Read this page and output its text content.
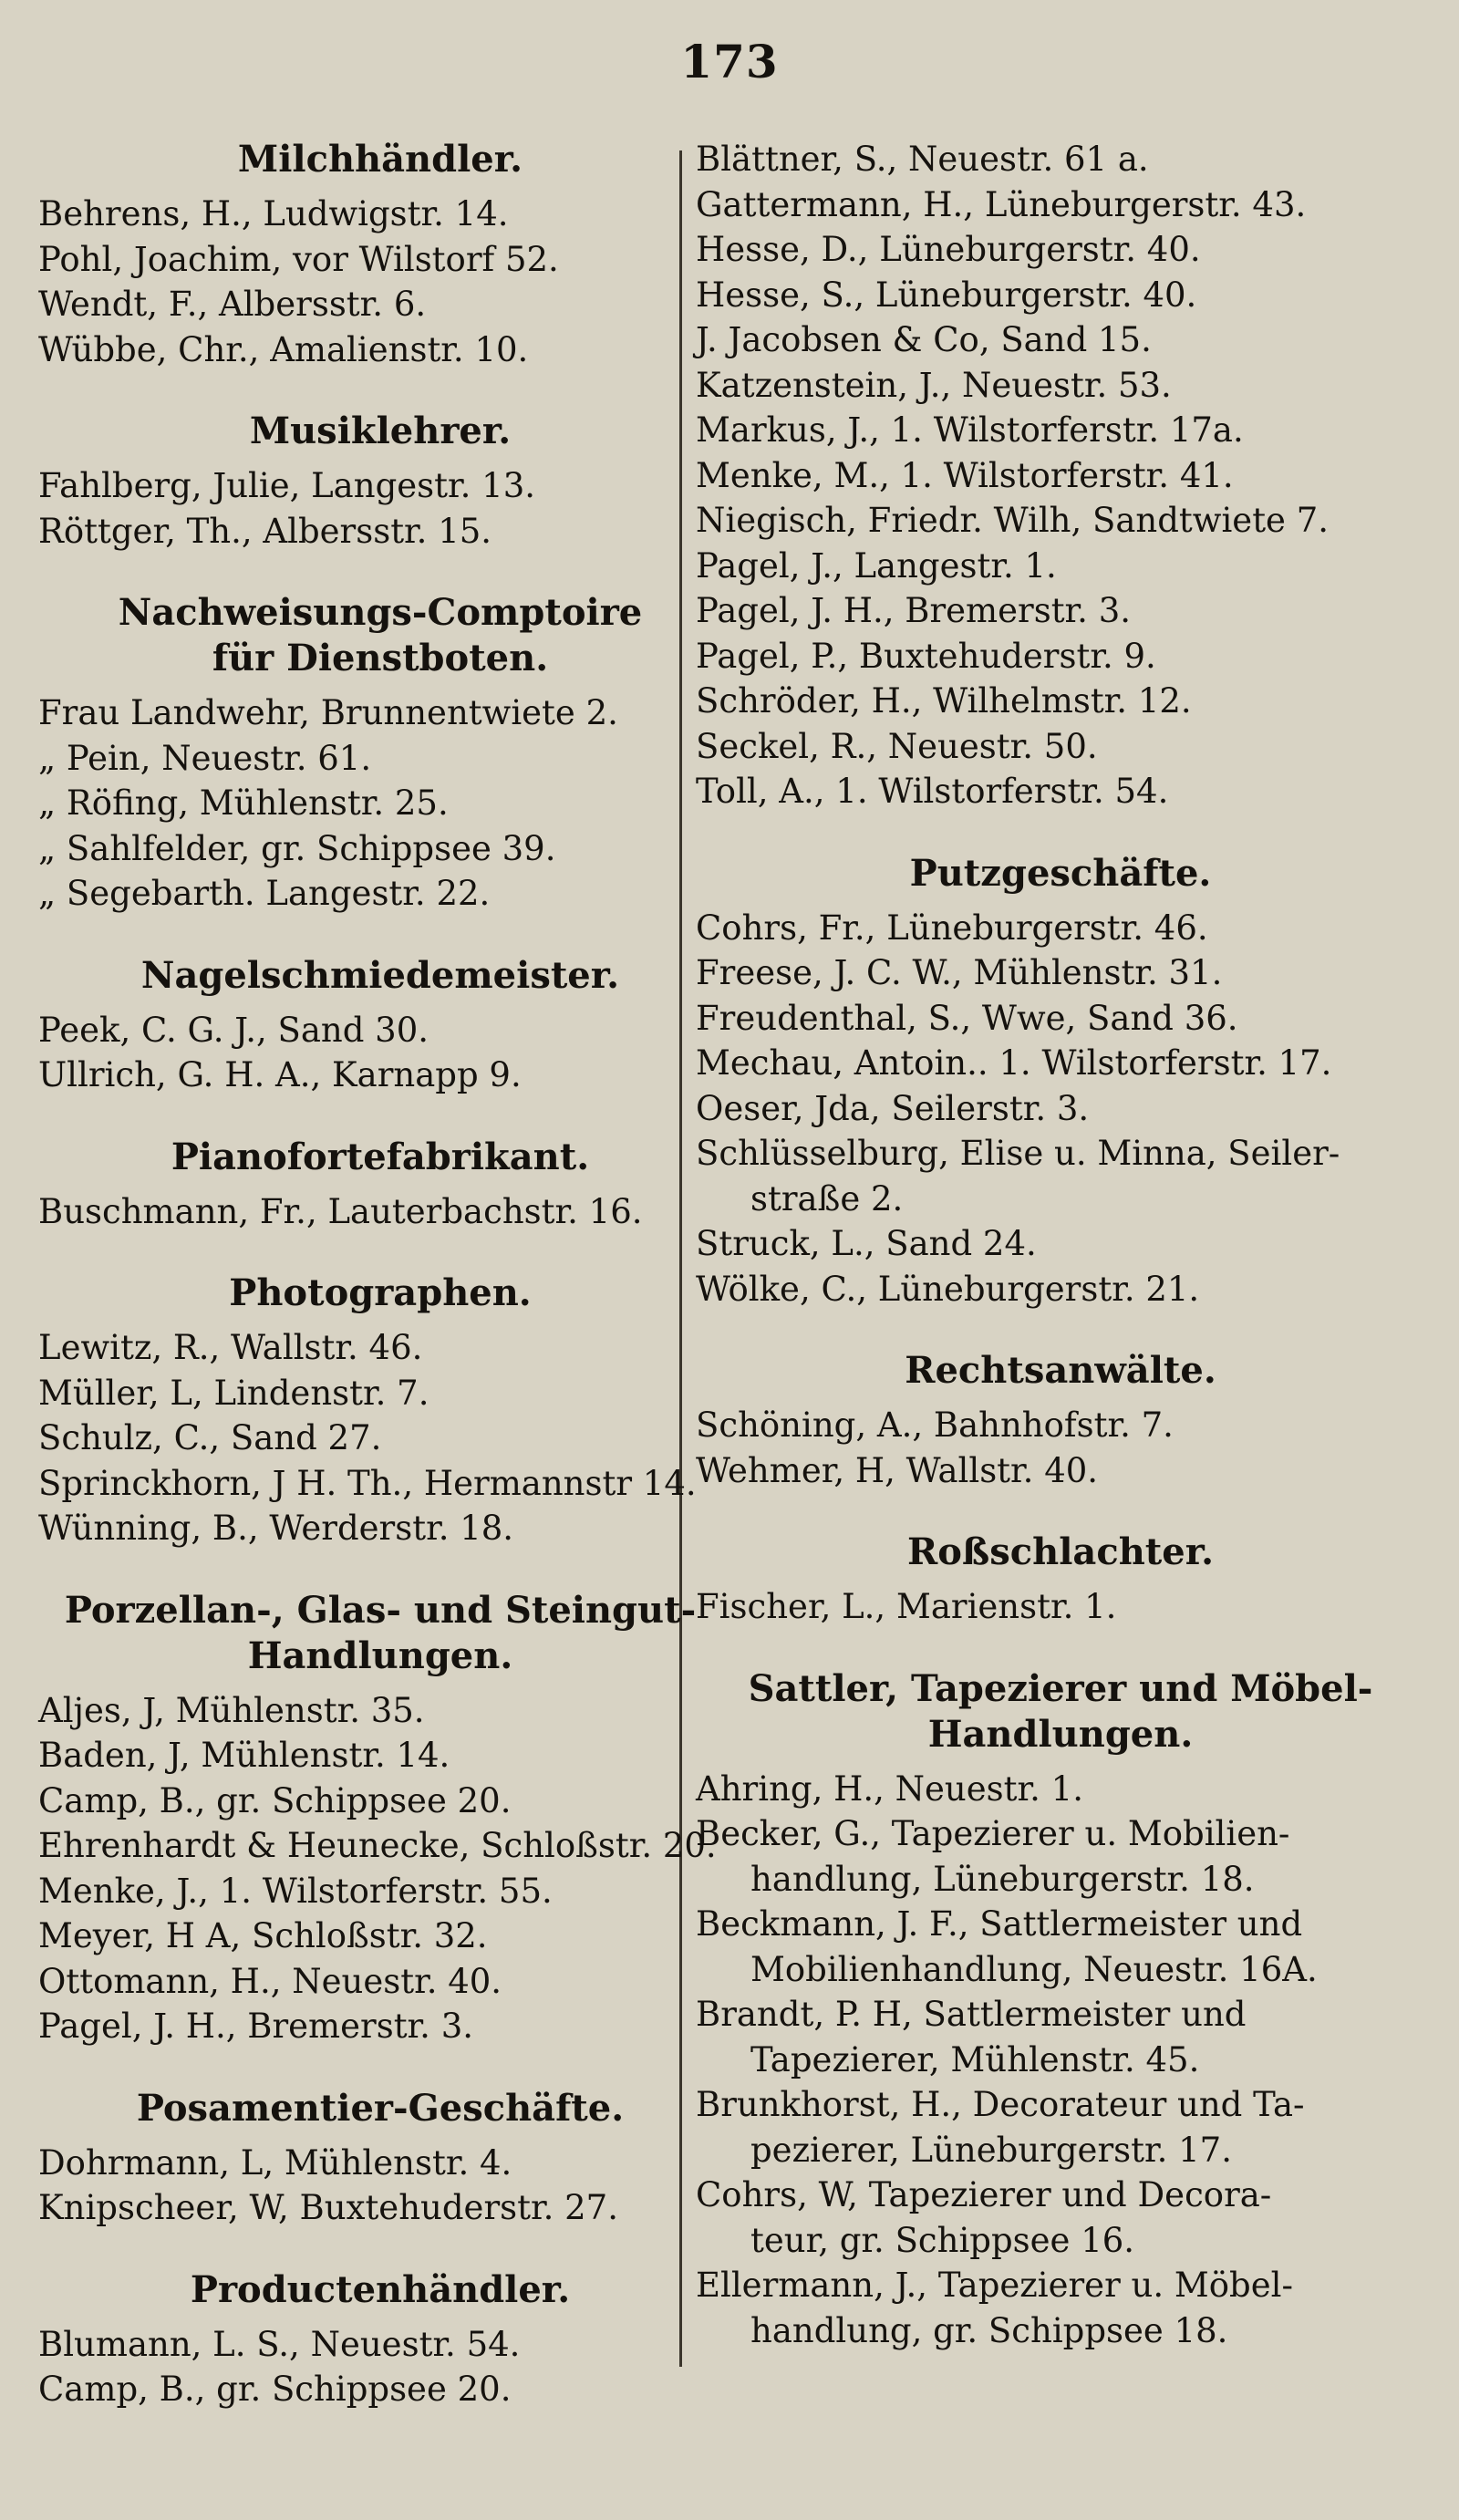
173
Milchhändler.
Behrens, H., Ludwigstr. 14.
Pohl, Joachim, vor Wilstorf 52.
Wendt, F., Albersstr. 6.
Wübbe, Chr., Amalienstr. 10.
Musiklehrer.
Fahlberg, Julie, Langestr. 13.
Röttger, Th., Albersstr. 15.
Nachweisungs-Comptoire
für Dienstboten.
Frau Landwehr, Brunnentwiete 2.
„ Pein, Neuestr. 61.
„ Röfing, Mühlenstr. 25.
„ Sahlfelder, gr. Schippsee 39.
„ Segebarth. Langestr. 22.
Nagelschmiedemeister.
Peek, C. G. J., Sand 30.
Ullrich, G. H. A., Karnapp 9.
Pianofortefabrikant.
Buschmann, Fr., Lauterbachstr. 16.
Photographen.
Lewitz, R., Wallstr. 46.
Müller, L, Lindenstr. 7.
Schulz, C., Sand 27.
Sprinckhorn, J H. Th., Hermannstr 14.
Wünning, B., Werderstr. 18.
Porzellan-, Glas- und Steingut-
Handlungen.
Aljes, J, Mühlenstr. 35.
Baden, J, Mühlenstr. 14.
Camp, B., gr. Schippsee 20.
Ehrenhardt & Heunecke, Schloßstr. 20.
Menke, J., 1. Wilstorferstr. 55.
Meyer, H A, Schloßstr. 32.
Ottomann, H., Neuestr. 40.
Pagel, J. H., Bremerstr. 3.
Posamentier-Geschäfte.
Dohrmann, L, Mühlenstr. 4.
Knipscheer, W, Buxtehuderstr. 27.
Productenhändler.
Blumann, L. S., Neuestr. 54.
Camp, B., gr. Schippsee 20.
Blättner, S., Neuestr. 61 a.
Gattermann, H., Lüneburgerstr. 43.
Hesse, D., Lüneburgerstr. 40.
Hesse, S., Lüneburgerstr. 40.
J. Jacobsen & Co, Sand 15.
Katzenstein, J., Neuestr. 53.
Markus, J., 1. Wilstorferstr. 17a.
Menke, M., 1. Wilstorferstr. 41.
Niegisch, Friedr. Wilh, Sandtwiete 7.
Pagel, J., Langestr. 1.
Pagel, J. H., Bremerstr. 3.
Pagel, P., Buxtehuderstr. 9.
Schröder, H., Wilhelmstr. 12.
Seckel, R., Neuestr. 50.
Toll, A., 1. Wilstorferstr. 54.
Putzgeschäfte.
Cohrs, Fr., Lüneburgerstr. 46.
Freese, J. C. W., Mühlenstr. 31.
Freudenthal, S., Wwe, Sand 36.
Mechau, Antoin.. 1. Wilstorferstr. 17.
Oeser, Jda, Seilerstr. 3.
Schlüsselburg, Elise u. Minna, Seiler-
straße 2.
Struck, L., Sand 24.
Wölke, C., Lüneburgerstr. 21.
Rechtsanwälte.
Schöning, A., Bahnhofstr. 7.
Wehmer, H, Wallstr. 40.
Roßschlachter.
Fischer, L., Marienstr. 1.
Sattler, Tapezierer und Möbel-
Handlungen.
Ahring, H., Neuestr. 1.
Becker, G., Tapezierer u. Mobilien-
handlung, Lüneburgerstr. 18.
Beckmann, J. F., Sattlermeister und
Mobilienhandlung, Neuestr. 16A.
Brandt, P. H, Sattlermeister und
Tapezierer, Mühlenstr. 45.
Brunkhorst, H., Decorateur und Ta-
pezierer, Lüneburgerstr. 17.
Cohrs, W, Tapezierer und Decora-
teur, gr. Schippsee 16.
Ellermann, J., Tapezierer u. Möbel-
handlung, gr. Schippsee 18.
